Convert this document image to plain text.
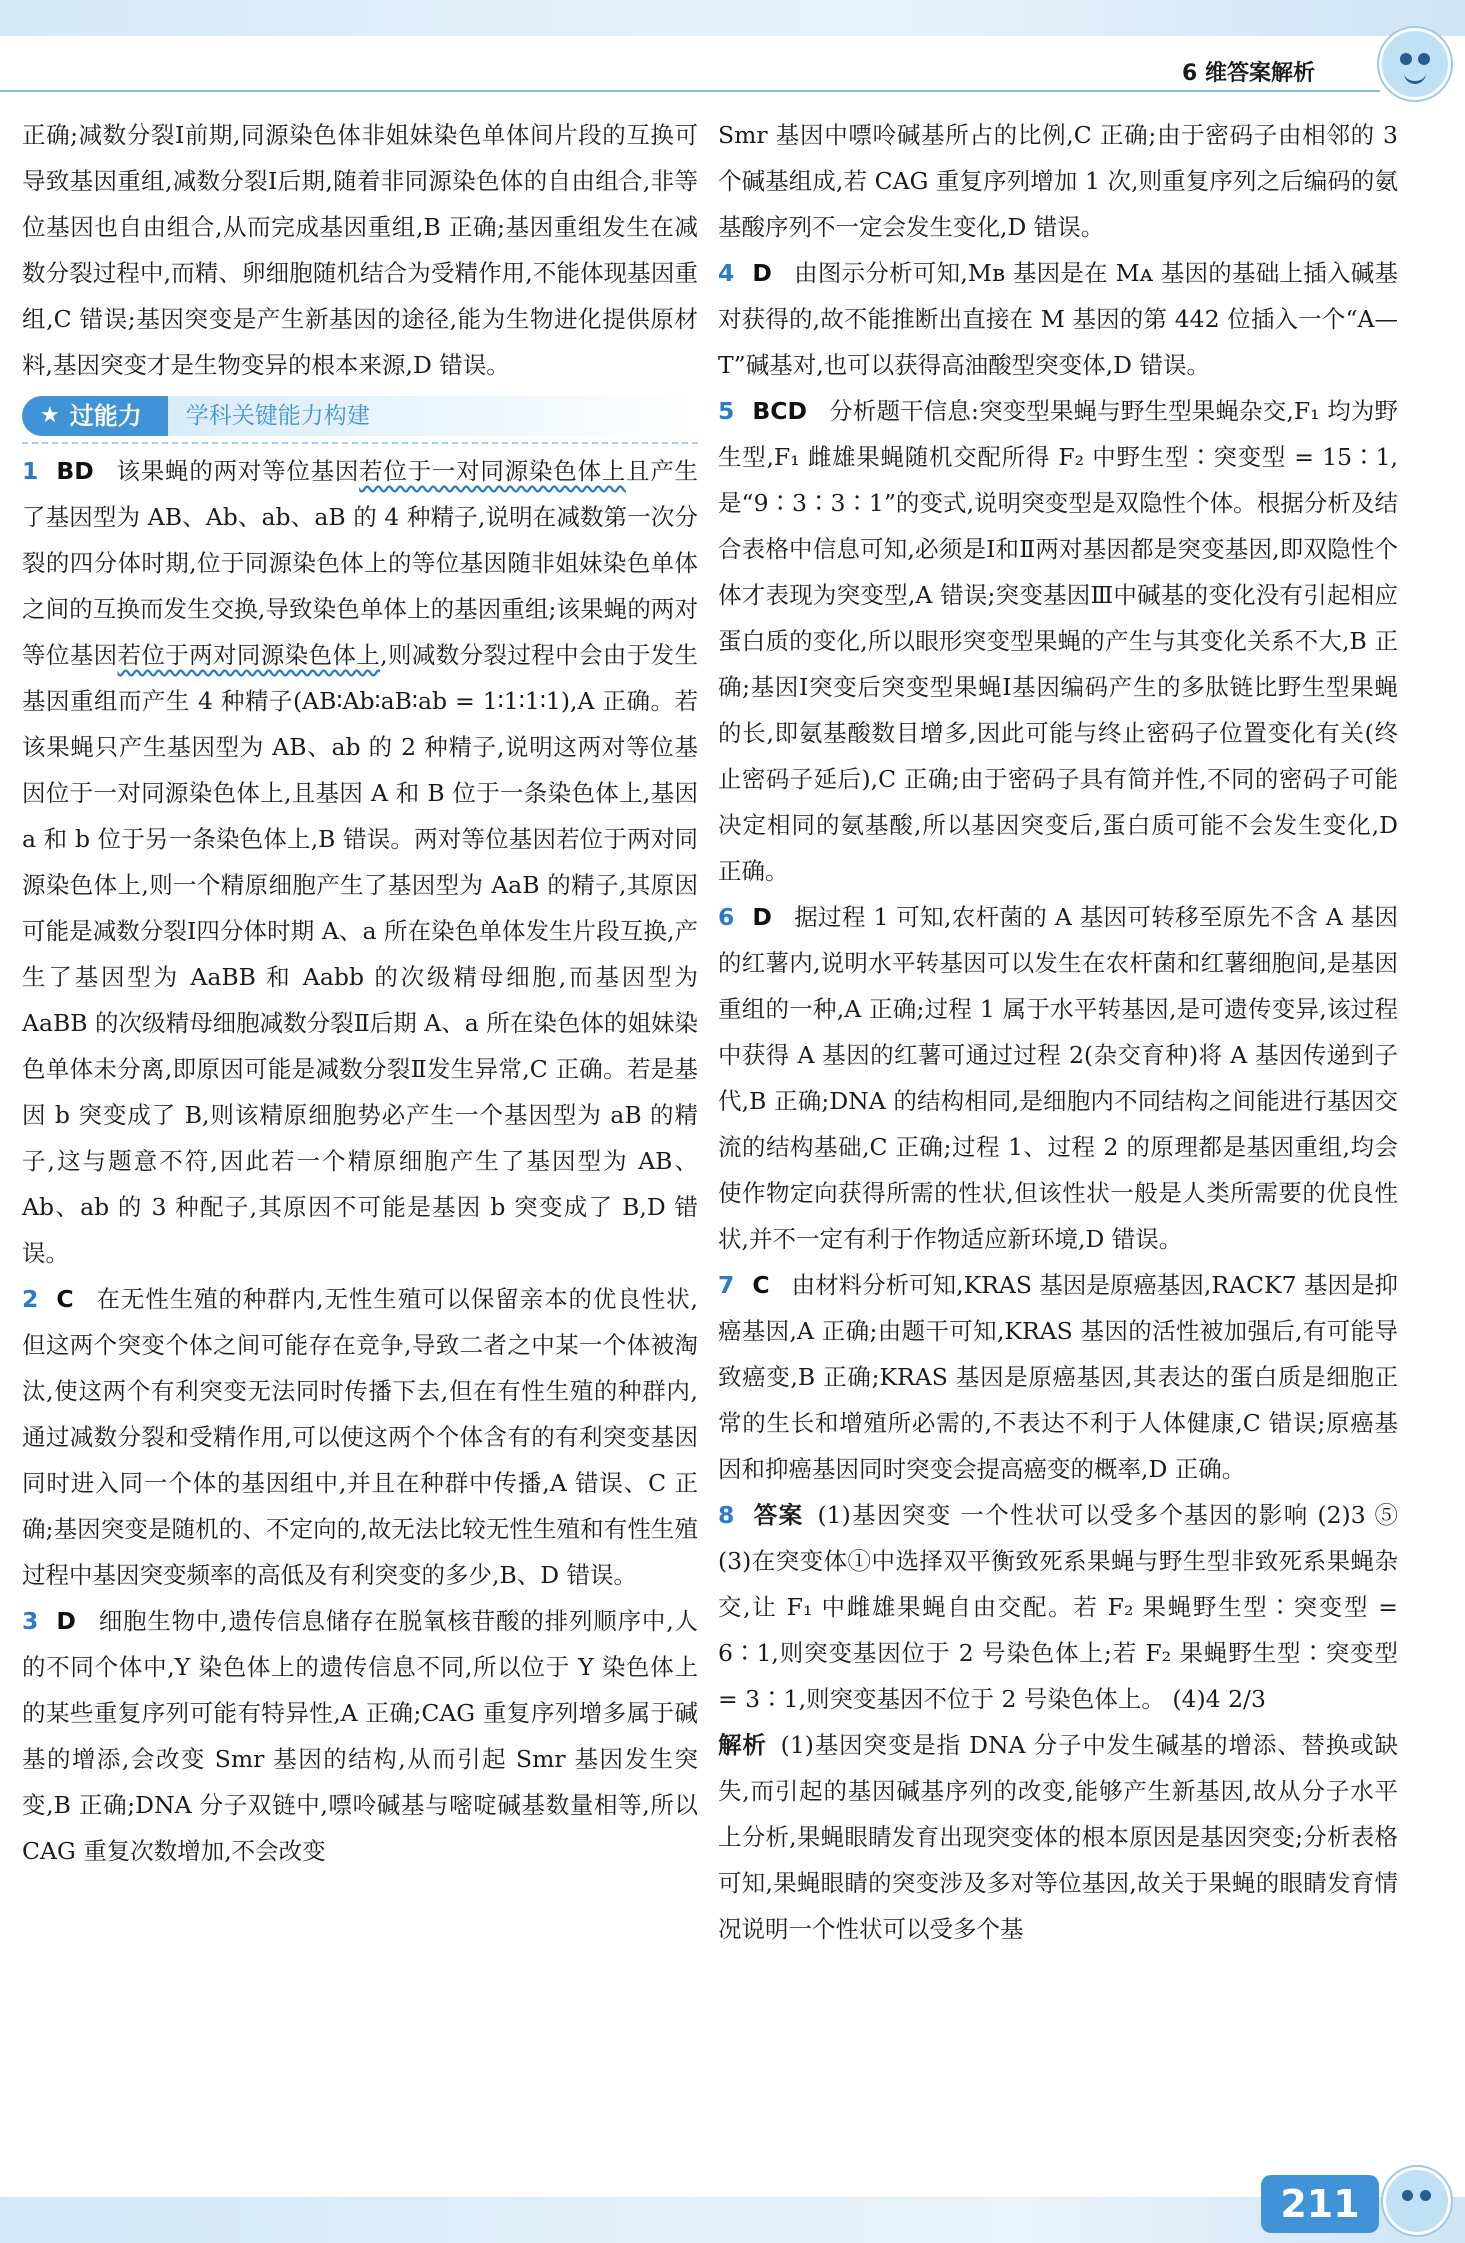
6 维答案解析

正确;减数分裂Ⅰ前期,同源染色体非姐妹染色单体间片段的互换可导致基因重组,减数分裂Ⅰ后期,随着非同源染色体的自由组合,非等位基因也自由组合,从而完成基因重组,B 正确;基因重组发生在减数分裂过程中,而精、卵细胞随机结合为受精作用,不能体现基因重组,C 错误;基因突变是产生新基因的途径,能为生物进化提供原材料,基因突变才是生物变异的根本来源,D 错误。

★ 过能力	学科关键能力构建

1 BD 该果蝇的两对等位基因若位于一对同源染色体上且产生了基因型为 AB、Ab、ab、aB 的 4 种精子,说明在减数第一次分裂的四分体时期,位于同源染色体上的等位基因随非姐妹染色单体之间的互换而发生交换,导致染色单体上的基因重组;该果蝇的两对等位基因若位于两对同源染色体上,则减数分裂过程中会由于发生基因重组而产生 4 种精子(AB∶Ab∶aB∶ab = 1∶1∶1∶1),A 正确。若该果蝇只产生基因型为 AB、ab 的 2 种精子,说明这两对等位基因位于一对同源染色体上,且基因 A 和 B 位于一条染色体上,基因 a 和 b 位于另一条染色体上,B 错误。两对等位基因若位于两对同源染色体上,则一个精原细胞产生了基因型为 AaB 的精子,其原因可能是减数分裂Ⅰ四分体时期 A、a 所在染色单体发生片段互换,产生了基因型为 AaBB 和 Aabb 的次级精母细胞,而基因型为 AaBB 的次级精母细胞减数分裂Ⅱ后期 A、a 所在染色体的姐妹染色单体未分离,即原因可能是减数分裂Ⅱ发生异常,C 正确。若是基因 b 突变成了 B,则该精原细胞势必产生一个基因型为 aB 的精子,这与题意不符,因此若一个精原细胞产生了基因型为 AB、Ab、ab 的 3 种配子,其原因不可能是基因 b 突变成了 B,D 错误。

2 C 在无性生殖的种群内,无性生殖可以保留亲本的优良性状,但这两个突变个体之间可能存在竞争,导致二者之中某一个体被淘汰,使这两个有利突变无法同时传播下去,但在有性生殖的种群内,通过减数分裂和受精作用,可以使这两个个体含有的有利突变基因同时进入同一个体的基因组中,并且在种群中传播,A 错误、C 正确;基因突变是随机的、不定向的,故无法比较无性生殖和有性生殖过程中基因突变频率的高低及有利突变的多少,B、D 错误。

3 D 细胞生物中,遗传信息储存在脱氧核苷酸的排列顺序中,人的不同个体中,Y 染色体上的遗传信息不同,所以位于 Y 染色体上的某些重复序列可能有特异性,A 正确;CAG 重复序列增多属于碱基的增添,会改变 Smr 基因的结构,从而引起 Smr 基因发生突变,B 正确;DNA 分子双链中,嘌呤碱基与嘧啶碱基数量相等,所以 CAG 重复次数增加,不会改变

Smr 基因中嘌呤碱基所占的比例,C 正确;由于密码子由相邻的 3 个碱基组成,若 CAG 重复序列增加 1 次,则重复序列之后编码的氨基酸序列不一定会发生变化,D 错误。

4 D 由图示分析可知,Mʙ 基因是在 Mᴀ 基因的基础上插入碱基对获得的,故不能推断出直接在 M 基因的第 442 位插入一个“A—T”碱基对,也可以获得高油酸型突变体,D 错误。

5 BCD 分析题干信息:突变型果蝇与野生型果蝇杂交,F₁ 均为野生型,F₁ 雌雄果蝇随机交配所得 F₂ 中野生型∶突变型 = 15∶1,是“9∶3∶3∶1”的变式,说明突变型是双隐性个体。根据分析及结合表格中信息可知,必须是Ⅰ和Ⅱ两对基因都是突变基因,即双隐性个体才表现为突变型,A 错误;突变基因Ⅲ中碱基的变化没有引起相应蛋白质的变化,所以眼形突变型果蝇的产生与其变化关系不大,B 正确;基因Ⅰ突变后突变型果蝇Ⅰ基因编码产生的多肽链比野生型果蝇的长,即氨基酸数目增多,因此可能与终止密码子位置变化有关(终止密码子延后),C 正确;由于密码子具有简并性,不同的密码子可能决定相同的氨基酸,所以基因突变后,蛋白质可能不会发生变化,D 正确。

6 D 据过程 1 可知,农杆菌的 A 基因可转移至原先不含 A 基因的红薯内,说明水平转基因可以发生在农杆菌和红薯细胞间,是基因重组的一种,A 正确;过程 1 属于水平转基因,是可遗传变异,该过程中获得 A 基因的红薯可通过过程 2(杂交育种)将 A 基因传递到子代,B 正确;DNA 的结构相同,是细胞内不同结构之间能进行基因交流的结构基础,C 正确;过程 1、过程 2 的原理都是基因重组,均会使作物定向获得所需的性状,但该性状一般是人类所需要的优良性状,并不一定有利于作物适应新环境,D 错误。

7 C 由材料分析可知,KRAS 基因是原癌基因,RACK7 基因是抑癌基因,A 正确;由题干可知,KRAS 基因的活性被加强后,有可能导致癌变,B 正确;KRAS 基因是原癌基因,其表达的蛋白质是细胞正常的生长和增殖所必需的,不表达不利于人体健康,C 错误;原癌基因和抑癌基因同时突变会提高癌变的概率,D 正确。

8 答案 (1)基因突变 一个性状可以受多个基因的影响 (2)3 ⑤ (3)在突变体①中选择双平衡致死系果蝇与野生型非致死系果蝇杂交,让 F₁ 中雌雄果蝇自由交配。若 F₂ 果蝇野生型∶突变型 = 6∶1,则突变基因位于 2 号染色体上;若 F₂ 果蝇野生型∶突变型 = 3∶1,则突变基因不位于 2 号染色体上。 (4)4 2/3

解析 (1)基因突变是指 DNA 分子中发生碱基的增添、替换或缺失,而引起的基因碱基序列的改变,能够产生新基因,故从分子水平上分析,果蝇眼睛发育出现突变体的根本原因是基因突变;分析表格可知,果蝇眼睛的突变涉及多对等位基因,故关于果蝇的眼睛发育情况说明一个性状可以受多个基

211
